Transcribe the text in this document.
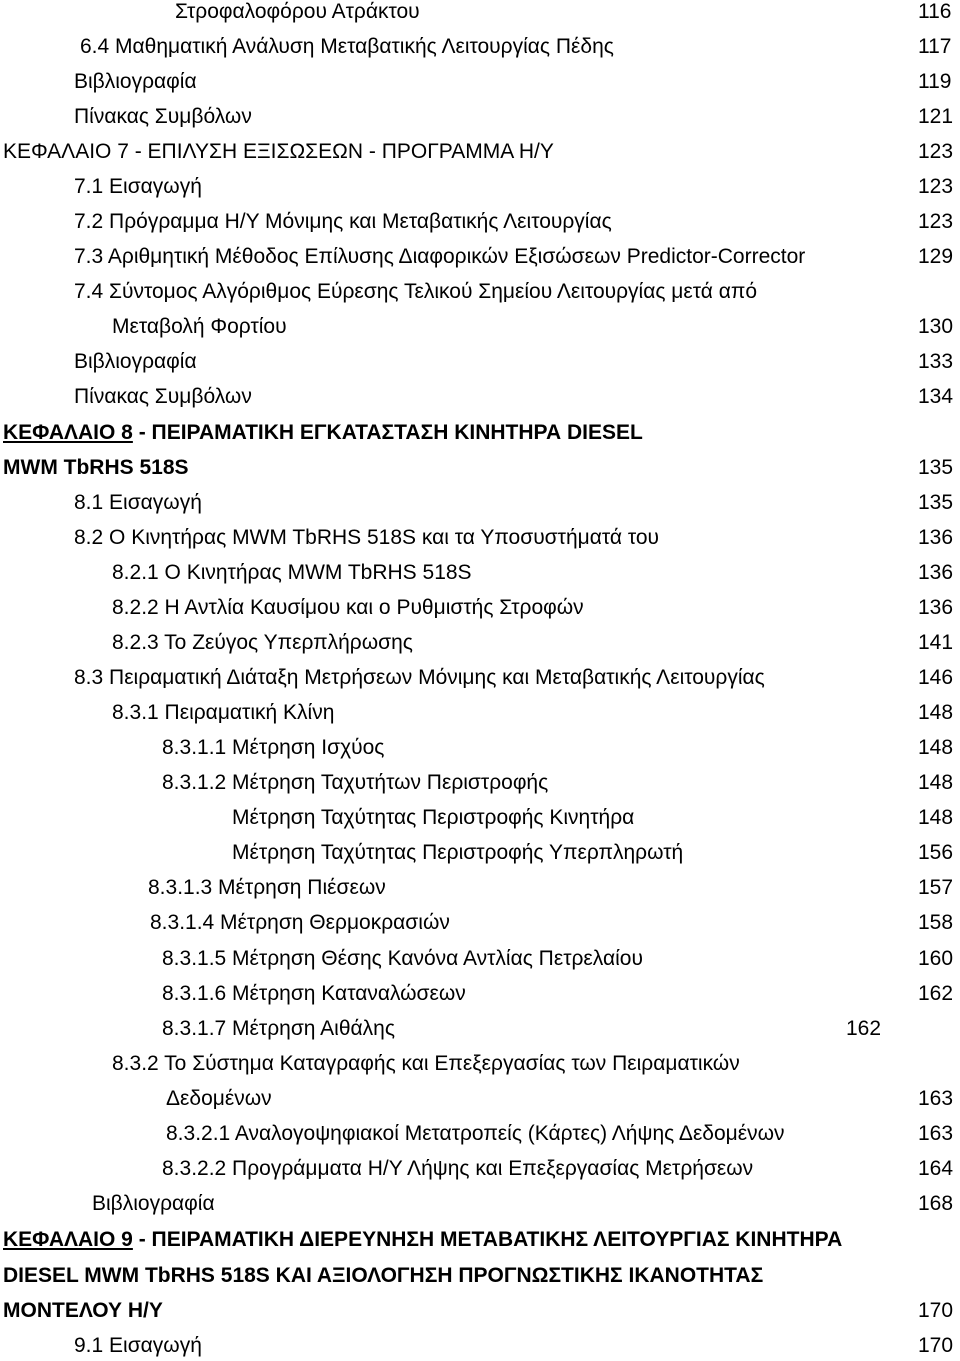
Στροφαλοφόρου Ατράκτου	116
6.4 Μαθηματική Ανάλυση Μεταβατικής Λειτουργίας Πέδης	117
Βιβλιογραφία	119
Πίνακας Συμβόλων	121
ΚΕΦΑΛΑΙΟ 7 - ΕΠΙΛΥΣΗ ΕΞΙΣΩΣΕΩΝ - ΠΡΟΓΡΑΜΜΑ Η/Υ	123
7.1 Εισαγωγή	123
7.2 Πρόγραμμα Η/Υ Μόνιμης και Μεταβατικής Λειτουργίας	123
7.3 Αριθμητική Μέθοδος Επίλυσης Διαφορικών Εξισώσεων Predictor-Corrector	129
7.4 Σύντομος Αλγόριθμος Εύρεσης Τελικού Σημείου Λειτουργίας μετά από
Μεταβολή Φορτίου	130
Βιβλιογραφία	133
Πίνακας Συμβόλων	134
ΚΕΦΑΛΑΙΟ 8 - ΠΕΙΡΑΜΑΤΙΚΗ ΕΓΚΑΤΑΣΤΑΣΗ ΚΙΝΗΤΗΡΑ DIESEL
MWM TbRHS 518S	135
8.1 Εισαγωγή	135
8.2 Ο Κινητήρας MWM TbRHS 518S και τα Υποσυστήματά του	136
8.2.1 Ο Κινητήρας MWM TbRHS 518S	136
8.2.2 Η Αντλία Καυσίμου και ο Ρυθμιστής Στροφών	136
8.2.3 Το Ζεύγος Υπερπλήρωσης	141
8.3 Πειραματική Διάταξη Μετρήσεων Μόνιμης και Μεταβατικής Λειτουργίας	146
8.3.1 Πειραματική Κλίνη	148
8.3.1.1 Μέτρηση Ισχύος	148
8.3.1.2 Μέτρηση Ταχυτήτων Περιστροφής	148
Μέτρηση Ταχύτητας Περιστροφής Κινητήρα	148
Μέτρηση Ταχύτητας Περιστροφής Υπερπληρωτή	156
8.3.1.3 Μέτρηση Πιέσεων	157
8.3.1.4 Μέτρηση Θερμοκρασιών	158
8.3.1.5 Μέτρηση Θέσης Κανόνα Αντλίας Πετρελαίου	160
8.3.1.6 Μέτρηση Καταναλώσεων	162
8.3.1.7 Μέτρηση Αιθάλης	162
8.3.2 Το Σύστημα Καταγραφής και Επεξεργασίας των Πειραματικών
Δεδομένων	163
8.3.2.1 Αναλογοψηφιακοί Μετατροπείς (Κάρτες) Λήψης Δεδομένων	163
8.3.2.2 Προγράμματα Η/Υ Λήψης και Επεξεργασίας Μετρήσεων	164
Βιβλιογραφία	168
ΚΕΦΑΛΑΙΟ 9 - ΠΕΙΡΑΜΑΤΙΚΗ ΔΙΕΡΕΥΝΗΣΗ ΜΕΤΑΒΑΤΙΚΗΣ ΛΕΙΤΟΥΡΓΙΑΣ ΚΙΝΗΤΗΡΑ
DIESEL MWM TbRHS 518S ΚΑΙ ΑΞΙΟΛΟΓΗΣΗ ΠΡΟΓΝΩΣΤΙΚΗΣ ΙΚΑΝΟΤΗΤΑΣ
ΜΟΝΤΕΛΟΥ Η/Υ	170
9.1 Εισαγωγή	170
